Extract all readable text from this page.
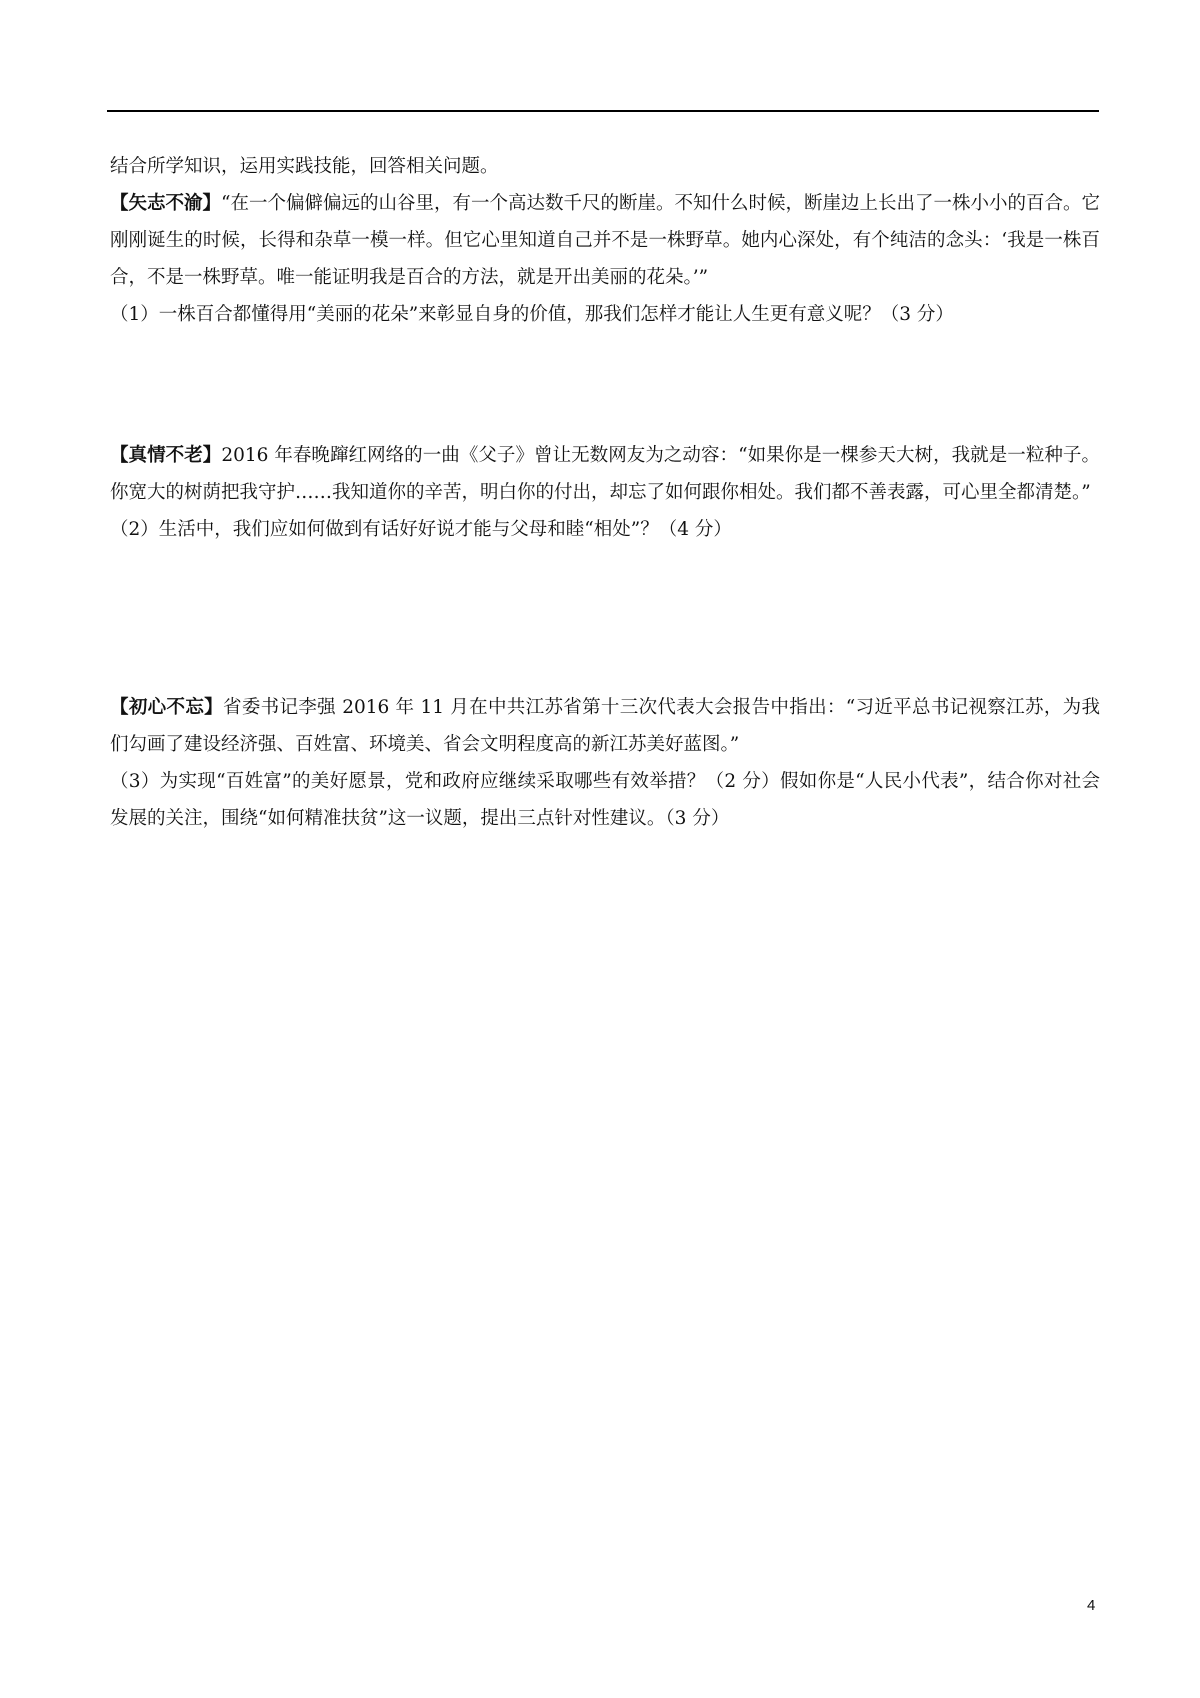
结合所学知识，运用实践技能，回答相关问题。

【矢志不渝】“在一个偏僻偏远的山谷里，有一个高达数千尺的断崖。不知什么时候，断崖边上长出了一株小小的百合。它刚刚诞生的时候，长得和杂草一模一样。但它心里知道自己并不是一株野草。她内心深处，有个纯洁的念头：‘我是一株百合，不是一株野草。唯一能证明我是百合的方法，就是开出美丽的花朵。’”

（1）一株百合都懂得用“美丽的花朵”来彰显自身的价值，那我们怎样才能让人生更有意义呢？（3 分）

【真情不老】2016 年春晚蹿红网络的一曲《父子》曾让无数网友为之动容：“如果你是一棵参天大树，我就是一粒种子。你宽大的树荫把我守护……我知道你的辛苦，明白你的付出，却忘了如何跟你相处。我们都不善表露，可心里全都清楚。”

（2）生活中，我们应如何做到有话好好说才能与父母和睦“相处”？（4 分）

【初心不忘】省委书记李强 2016 年 11 月在中共江苏省第十三次代表大会报告中指出：“习近平总书记视察江苏，为我们勾画了建设经济强、百姓富、环境美、省会文明程度高的新江苏美好蓝图。”

（3）为实现“百姓富”的美好愿景，党和政府应继续采取哪些有效举措？（2 分）假如你是“人民小代表”，结合你对社会发展的关注，围绕“如何精准扶贫”这一议题，提出三点针对性建议。（3 分）

4
